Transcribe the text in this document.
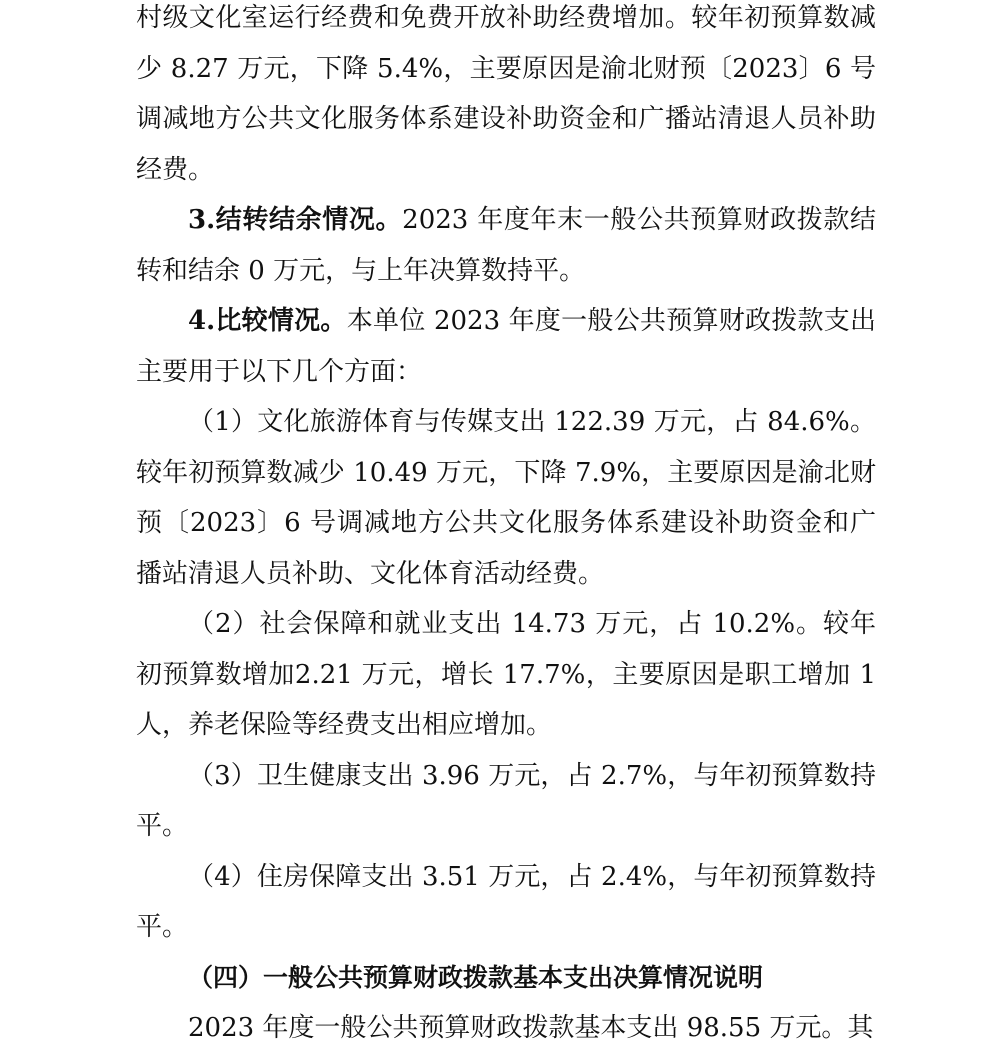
村级文化室运行经费和免费开放补助经费增加。较年初预算数减少 8.27 万元，下降 5.4%，主要原因是渝北财预〔2023〕6 号调减地方公共文化服务体系建设补助资金和广播站清退人员补助经费。

3.结转结余情况。2023 年度年末一般公共预算财政拨款结转和结余 0 万元，与上年决算数持平。

4.比较情况。本单位 2023 年度一般公共预算财政拨款支出主要用于以下几个方面：

（1）文化旅游体育与传媒支出 122.39 万元，占 84.6%。较年初预算数减少 10.49 万元，下降 7.9%，主要原因是渝北财预〔2023〕6 号调减地方公共文化服务体系建设补助资金和广播站清退人员补助、文化体育活动经费。

（2）社会保障和就业支出 14.73 万元，占 10.2%。较年初预算数增加2.21 万元，增长 17.7%，主要原因是职工增加 1 人，养老保险等经费支出相应增加。

（3）卫生健康支出 3.96 万元，占 2.7%，与年初预算数持平。

（4）住房保障支出 3.51 万元，占 2.4%，与年初预算数持平。

（四）一般公共预算财政拨款基本支出决算情况说明

2023 年度一般公共预算财政拨款基本支出 98.55 万元。其
